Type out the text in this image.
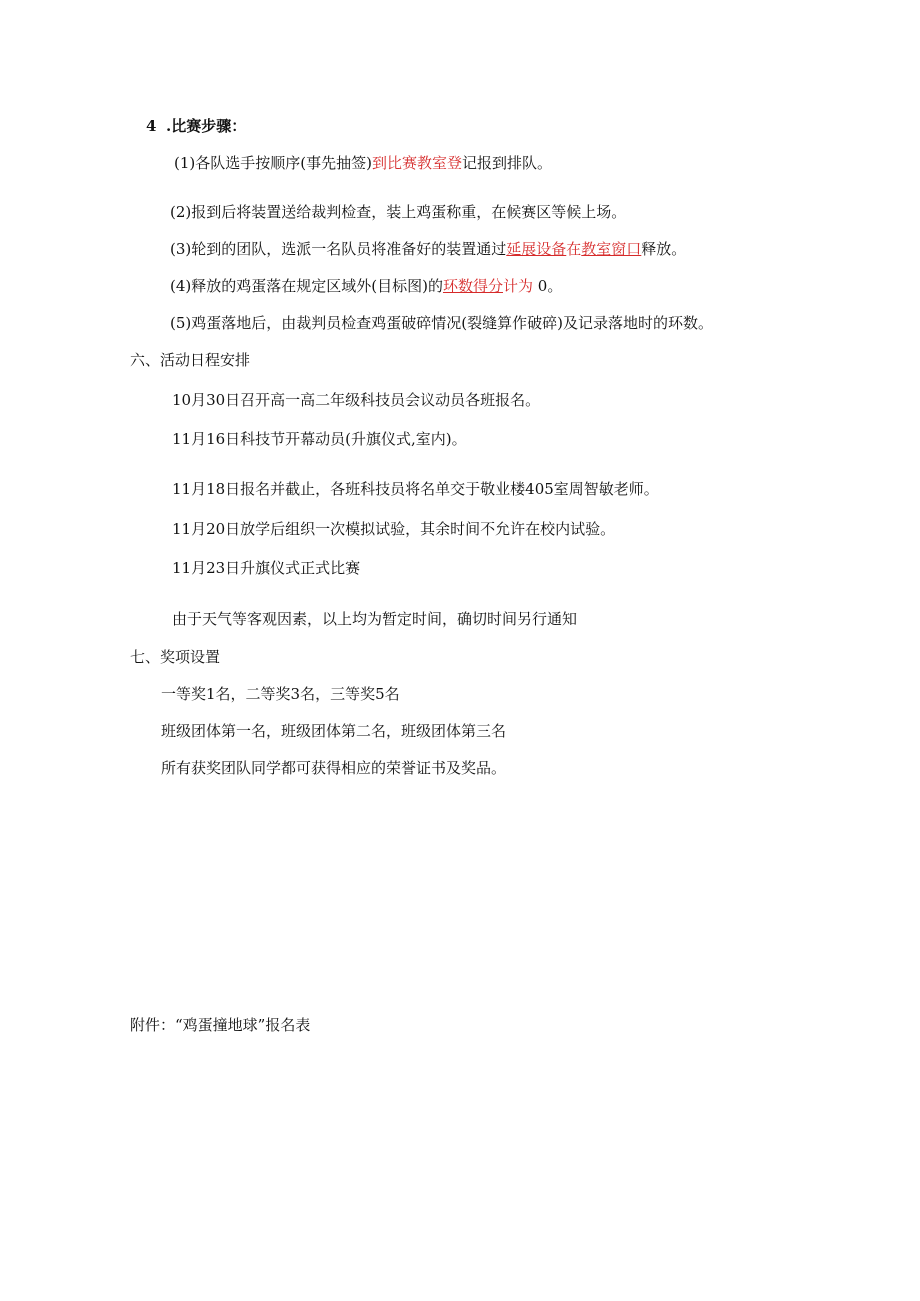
4 .比赛步骤：
(1)各队选手按顺序(事先抽签)到比赛教室登记报到排队。
(2)报到后将装置送给裁判检查，装上鸡蛋称重，在候赛区等候上场。
(3)轮到的团队，选派一名队员将准备好的装置通过延展设备在教室窗口释放。
(4)释放的鸡蛋落在规定区域外(目标图)的环数得分计为 0。
(5)鸡蛋落地后，由裁判员检查鸡蛋破碎情况(裂缝算作破碎)及记录落地时的环数。
六、活动日程安排
10月30日召开高一高二年级科技员会议动员各班报名。
11月16日科技节开幕动员(升旗仪式,室内)。
11月18日报名并截止，各班科技员将名单交于敬业楼405室周智敏老师。
11月20日放学后组织一次模拟试验，其余时间不允许在校内试验。
11月23日升旗仪式正式比赛
由于天气等客观因素，以上均为暂定时间，确切时间另行通知
七、奖项设置
一等奖1名，二等奖3名，三等奖5名
班级团体第一名，班级团体第二名，班级团体第三名
所有获奖团队同学都可获得相应的荣誉证书及奖品。
附件：“鸡蛋撞地球”报名表
